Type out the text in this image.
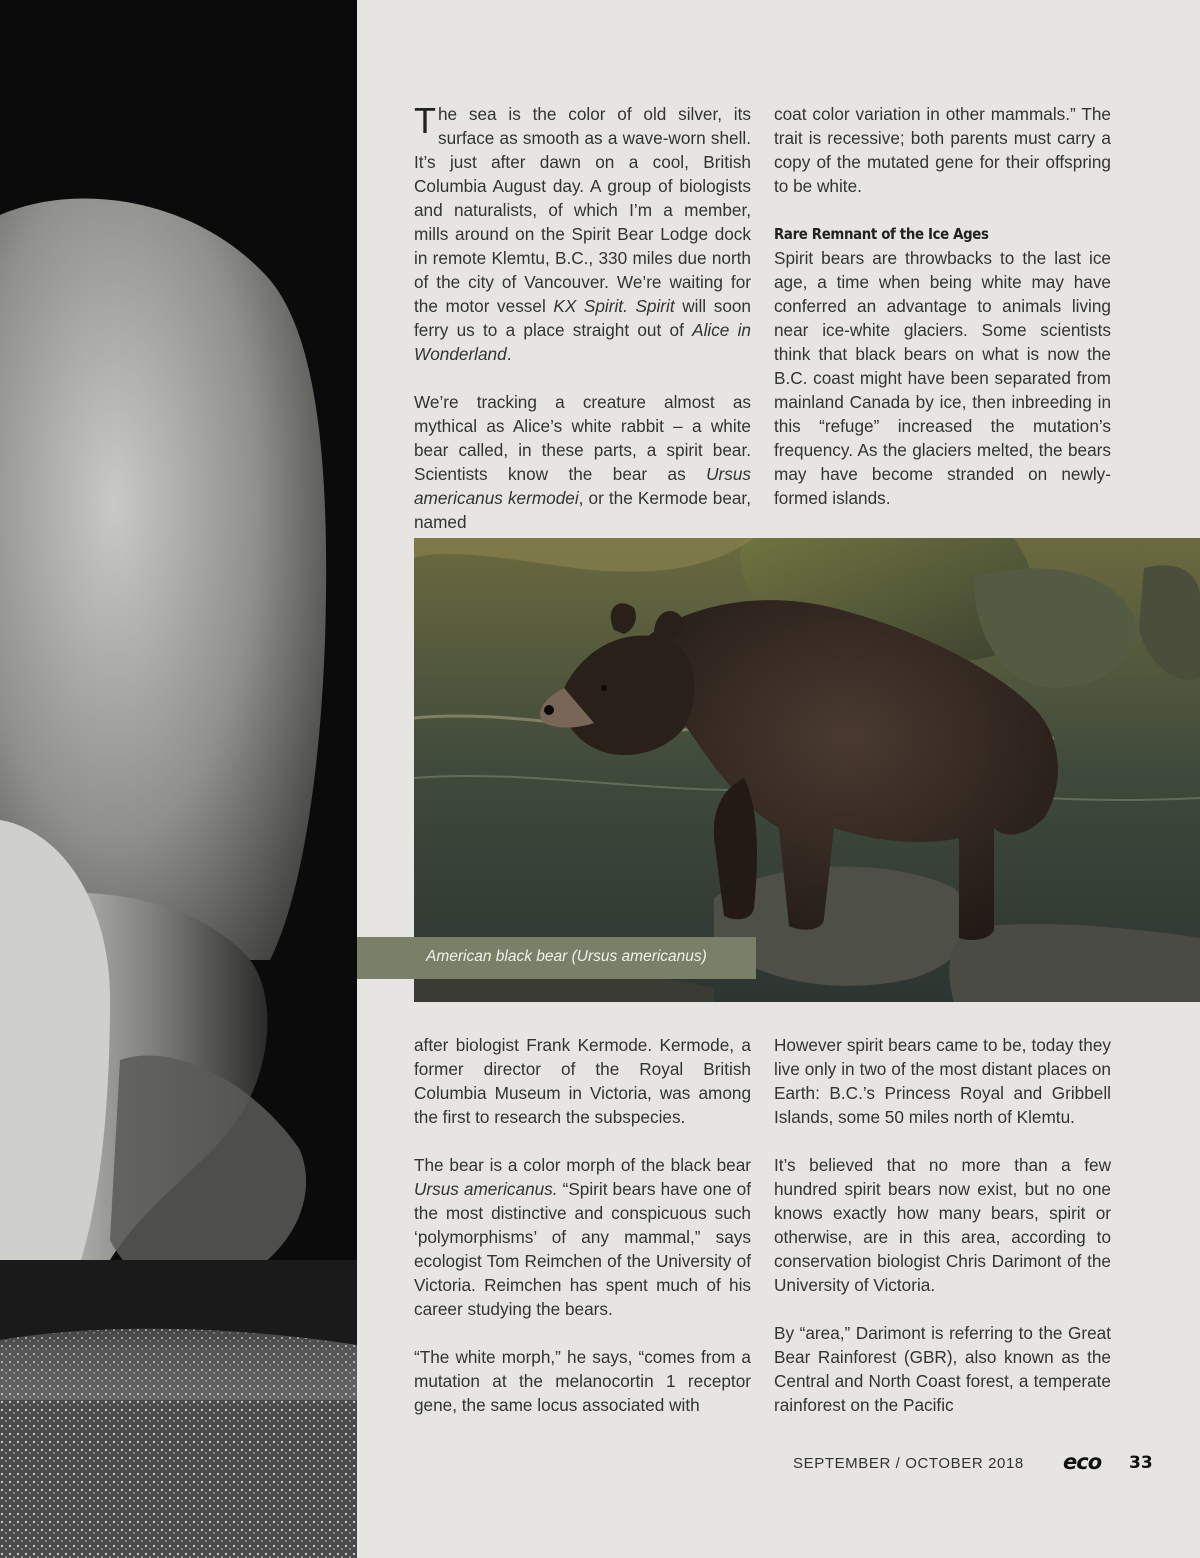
The sea is the color of old silver, its surface as smooth as a wave-worn shell. It’s just after dawn on a cool, British Columbia August day. A group of biologists and naturalists, of which I’m a member, mills around on the Spirit Bear Lodge dock in remote Klemtu, B.C., 330 miles due north of the city of Vancouver. We’re waiting for the motor vessel KX Spirit. Spirit will soon ferry us to a place straight out of Alice in Wonderland.

We’re tracking a creature almost as mythical as Alice’s white rabbit – a white bear called, in these parts, a spirit bear. Scientists know the bear as Ursus americanus kermodei, or the Kermode bear, named

coat color variation in other mammals.” The trait is recessive; both parents must carry a copy of the mutated gene for their offspring to be white.

Rare Remnant of the Ice Ages

Spirit bears are throwbacks to the last ice age, a time when being white may have conferred an advantage to animals living near ice-white glaciers. Some scientists think that black bears on what is now the B.C. coast might have been separated from mainland Canada by ice, then inbreeding in this “refuge” increased the mutation’s frequency. As the glaciers melted, the bears may have become stranded on newly-formed islands.

American black bear (Ursus americanus)

after biologist Frank Kermode. Kermode, a former director of the Royal British Columbia Museum in Victoria, was among the first to research the subspecies.

The bear is a color morph of the black bear Ursus americanus. “Spirit bears have one of the most distinctive and conspicuous such ‘polymorphisms’ of any mammal,” says ecologist Tom Reimchen of the University of Victoria. Reimchen has spent much of his career studying the bears.

“The white morph,” he says, “comes from a mutation at the melanocortin 1 receptor gene, the same locus associated with

However spirit bears came to be, today they live only in two of the most distant places on Earth: B.C.’s Princess Royal and Gribbell Islands, some 50 miles north of Klemtu.

It’s believed that no more than a few hundred spirit bears now exist, but no one knows exactly how many bears, spirit or otherwise, are in this area, according to conservation biologist Chris Darimont of the University of Victoria.

By “area,” Darimont is referring to the Great Bear Rainforest (GBR), also known as the Central and North Coast forest, a temperate rainforest on the Pacific

SEPTEMBER / OCTOBER 2018 eco 33
